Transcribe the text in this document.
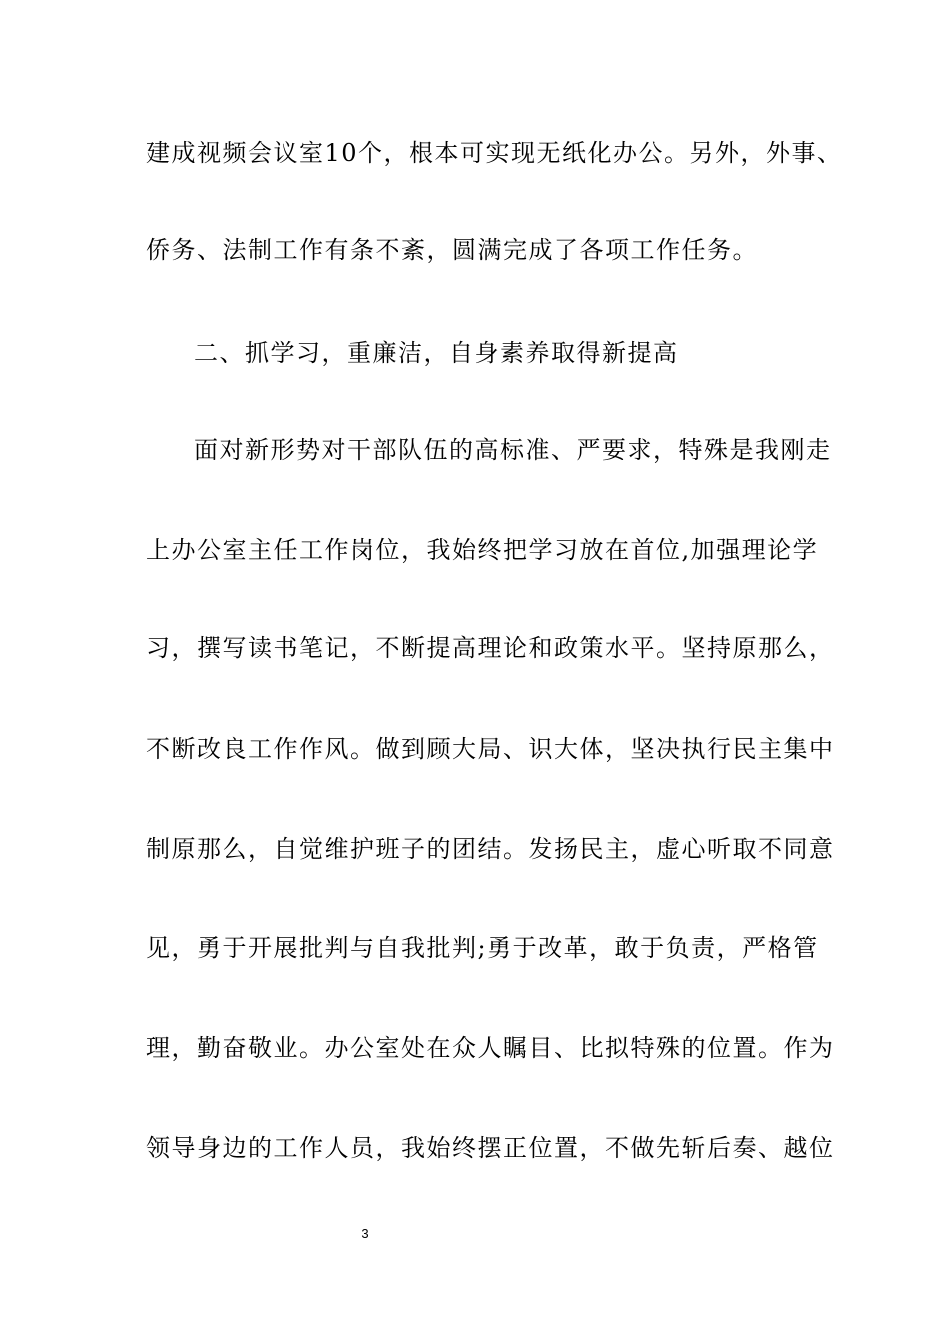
建成视频会议室10个，根本可实现无纸化办公。另外，外事、
侨务、法制工作有条不紊，圆满完成了各项工作任务。
二、抓学习，重廉洁，自身素养取得新提高
面对新形势对干部队伍的高标准、严要求，特殊是我刚走
上办公室主任工作岗位，我始终把学习放在首位,加强理论学
习，撰写读书笔记，不断提高理论和政策水平。坚持原那么，
不断改良工作作风。做到顾大局、识大体，坚决执行民主集中
制原那么，自觉维护班子的团结。发扬民主，虚心听取不同意
见，勇于开展批判与自我批判;勇于改革，敢于负责，严格管
理，勤奋敬业。办公室处在众人瞩目、比拟特殊的位置。作为
领导身边的工作人员，我始终摆正位置，不做先斩后奏、越位
3
